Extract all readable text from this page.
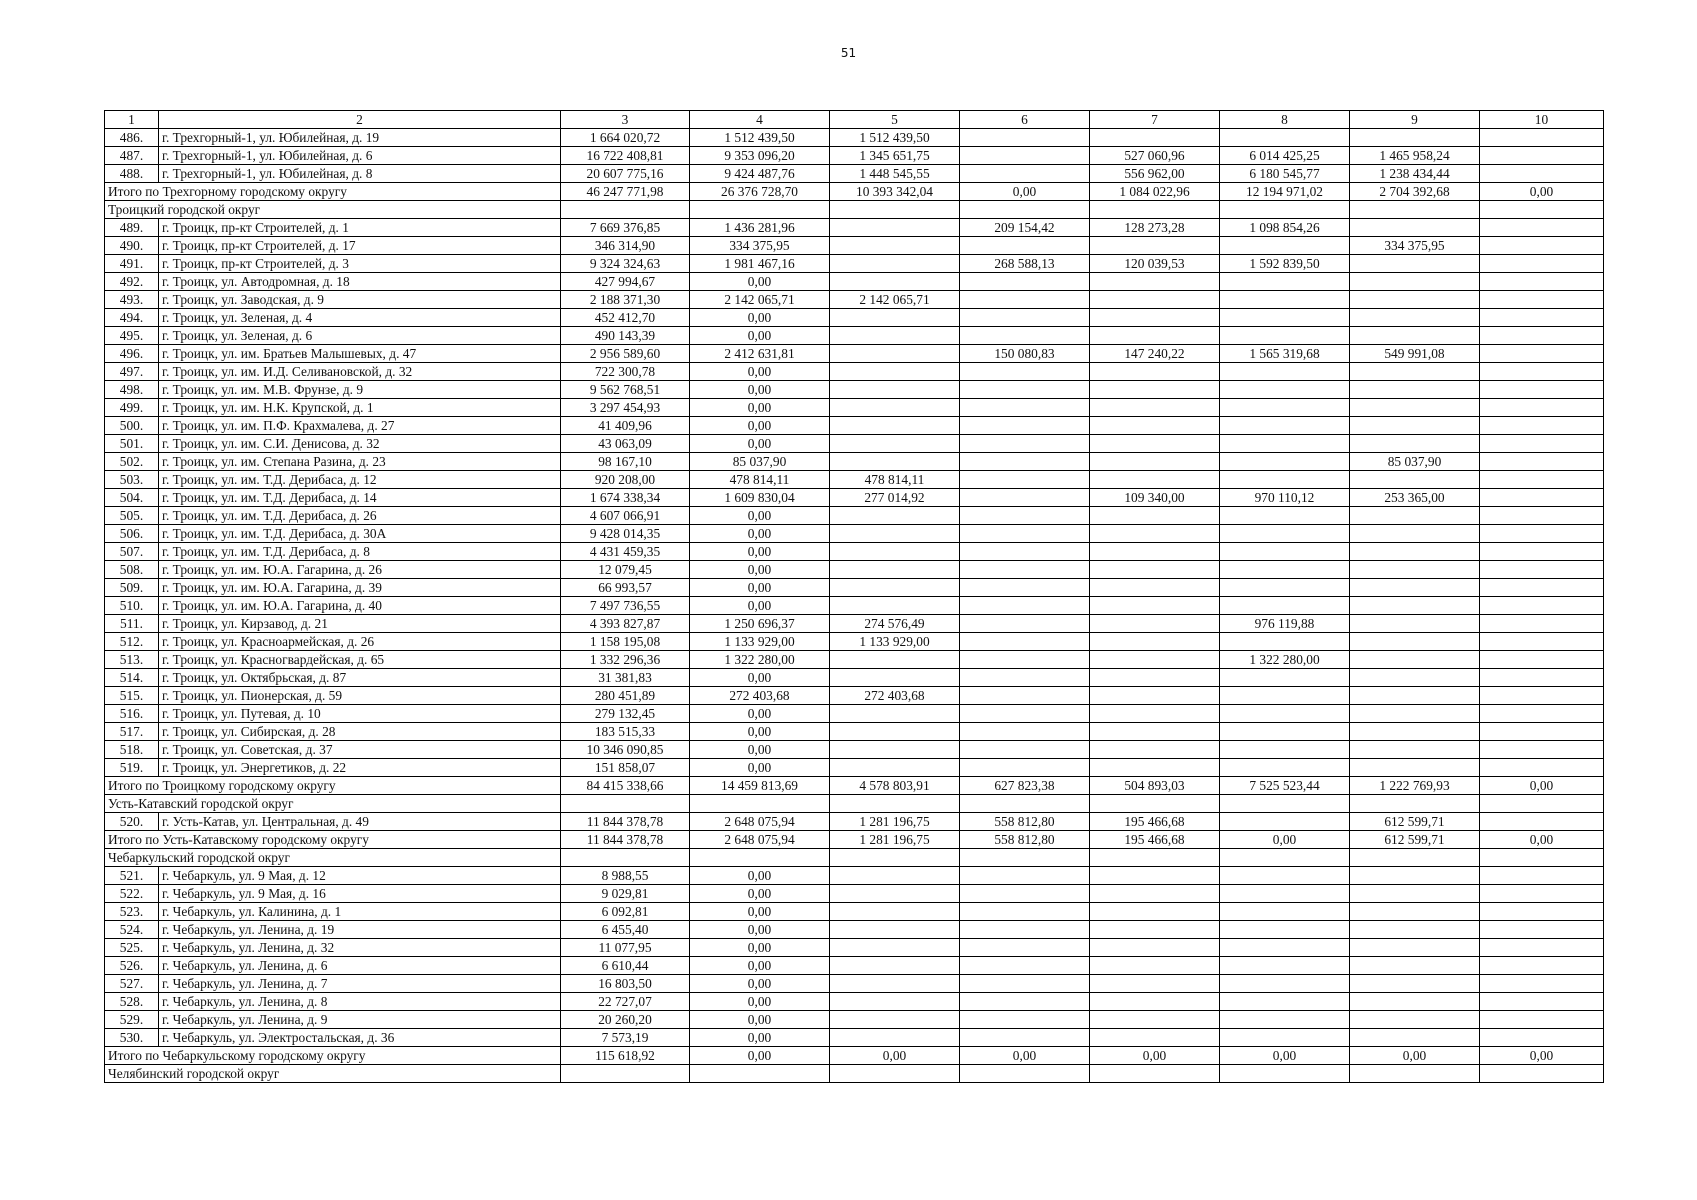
51
1	2	3	4	5	6	7	8	9	10
486.	г. Трехгорный-1, ул. Юбилейная, д. 19	1 664 020,72	1 512 439,50	1 512 439,50					
487.	г. Трехгорный-1, ул. Юбилейная, д. 6	16 722 408,81	9 353 096,20	1 345 651,75		527 060,96	6 014 425,25	1 465 958,24	
488.	г. Трехгорный-1, ул. Юбилейная, д. 8	20 607 775,16	9 424 487,76	1 448 545,55		556 962,00	6 180 545,77	1 238 434,44	
Итого по Трехгорному городскому округу		46 247 771,98	26 376 728,70	10 393 342,04	0,00	1 084 022,96	12 194 971,02	2 704 392,68	0,00
Троицкий городской округ									
489.	г. Троицк, пр-кт Строителей, д. 1	7 669 376,85	1 436 281,96		209 154,42	128 273,28	1 098 854,26		
490.	г. Троицк, пр-кт Строителей, д. 17	346 314,90	334 375,95					334 375,95	
491.	г. Троицк, пр-кт Строителей, д. 3	9 324 324,63	1 981 467,16		268 588,13	120 039,53	1 592 839,50		
492.	г. Троицк, ул. Автодромная, д. 18	427 994,67	0,00						
493.	г. Троицк, ул. Заводская, д. 9	2 188 371,30	2 142 065,71	2 142 065,71					
494.	г. Троицк, ул. Зеленая, д. 4	452 412,70	0,00						
495.	г. Троицк, ул. Зеленая, д. 6	490 143,39	0,00						
496.	г. Троицк, ул. им. Братьев Малышевых, д. 47	2 956 589,60	2 412 631,81		150 080,83	147 240,22	1 565 319,68	549 991,08	
497.	г. Троицк, ул. им. И.Д. Селивановской, д. 32	722 300,78	0,00						
498.	г. Троицк, ул. им. М.В. Фрунзе, д. 9	9 562 768,51	0,00						
499.	г. Троицк, ул. им. Н.К. Крупской, д. 1	3 297 454,93	0,00						
500.	г. Троицк, ул. им. П.Ф. Крахмалева, д. 27	41 409,96	0,00						
501.	г. Троицк, ул. им. С.И. Денисова, д. 32	43 063,09	0,00						
502.	г. Троицк, ул. им. Степана Разина, д. 23	98 167,10	85 037,90					85 037,90	
503.	г. Троицк, ул. им. Т.Д. Дерибаса, д. 12	920 208,00	478 814,11	478 814,11					
504.	г. Троицк, ул. им. Т.Д. Дерибаса, д. 14	1 674 338,34	1 609 830,04	277 014,92		109 340,00	970 110,12	253 365,00	
505.	г. Троицк, ул. им. Т.Д. Дерибаса, д. 26	4 607 066,91	0,00						
506.	г. Троицк, ул. им. Т.Д. Дерибаса, д. 30А	9 428 014,35	0,00						
507.	г. Троицк, ул. им. Т.Д. Дерибаса, д. 8	4 431 459,35	0,00						
508.	г. Троицк, ул. им. Ю.А. Гагарина, д. 26	12 079,45	0,00						
509.	г. Троицк, ул. им. Ю.А. Гагарина, д. 39	66 993,57	0,00						
510.	г. Троицк, ул. им. Ю.А. Гагарина, д. 40	7 497 736,55	0,00						
511.	г. Троицк, ул. Кирзавод, д. 21	4 393 827,87	1 250 696,37	274 576,49			976 119,88		
512.	г. Троицк, ул. Красноармейская, д. 26	1 158 195,08	1 133 929,00	1 133 929,00					
513.	г. Троицк, ул. Красногвардейская, д. 65	1 332 296,36	1 322 280,00				1 322 280,00		
514.	г. Троицк, ул. Октябрьская, д. 87	31 381,83	0,00						
515.	г. Троицк, ул. Пионерская, д. 59	280 451,89	272 403,68	272 403,68					
516.	г. Троицк, ул. Путевая, д. 10	279 132,45	0,00						
517.	г. Троицк, ул. Сибирская, д. 28	183 515,33	0,00						
518.	г. Троицк, ул. Советская, д. 37	10 346 090,85	0,00						
519.	г. Троицк, ул. Энергетиков, д. 22	151 858,07	0,00						
Итого по Троицкому городскому округу		84 415 338,66	14 459 813,69	4 578 803,91	627 823,38	504 893,03	7 525 523,44	1 222 769,93	0,00
Усть-Катавский городской округ									
520.	г. Усть-Катав, ул. Центральная, д. 49	11 844 378,78	2 648 075,94	1 281 196,75	558 812,80	195 466,68		612 599,71	
Итого по Усть-Катавскому городскому округу		11 844 378,78	2 648 075,94	1 281 196,75	558 812,80	195 466,68	0,00	612 599,71	0,00
Чебаркульский городской округ									
521.	г. Чебаркуль, ул. 9 Мая, д. 12	8 988,55	0,00						
522.	г. Чебаркуль, ул. 9 Мая, д. 16	9 029,81	0,00						
523.	г. Чебаркуль, ул. Калинина, д. 1	6 092,81	0,00						
524.	г. Чебаркуль, ул. Ленина, д. 19	6 455,40	0,00						
525.	г. Чебаркуль, ул. Ленина, д. 32	11 077,95	0,00						
526.	г. Чебаркуль, ул. Ленина, д. 6	6 610,44	0,00						
527.	г. Чебаркуль, ул. Ленина, д. 7	16 803,50	0,00						
528.	г. Чебаркуль, ул. Ленина, д. 8	22 727,07	0,00						
529.	г. Чебаркуль, ул. Ленина, д. 9	20 260,20	0,00						
530.	г. Чебаркуль, ул. Электростальская, д. 36	7 573,19	0,00						
Итого по Чебаркульскому городскому округу		115 618,92	0,00	0,00	0,00	0,00	0,00	0,00	0,00
Челябинский городской округ									
